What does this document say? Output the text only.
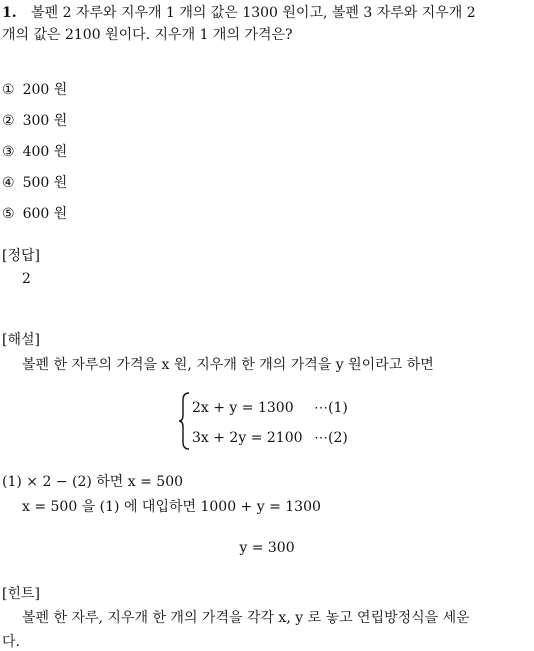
1. 볼펜 2 자루와 지우개 1 개의 값은 1300 원이고, 볼펜 3 자루와 지우개 2
개의 값은 2100 원이다. 지우개 1 개의 가격은?
① 200 원
② 300 원
③ 400 원
④ 500 원
⑤ 600 원
[정답]
2
[해설]
볼펜 한 자루의 가격을 x 원, 지우개 한 개의 가격을 y 원이라고 하면
2x + y = 1300 ⋯(1)
3x + 2y = 2100 ⋯(2)
(1) × 2 − (2) 하면 x = 500
x = 500 을 (1) 에 대입하면 1000 + y = 1300
y = 300
[힌트]
볼펜 한 자루, 지우개 한 개의 가격을 각각 x, y 로 놓고 연립방정식을 세운
다.
